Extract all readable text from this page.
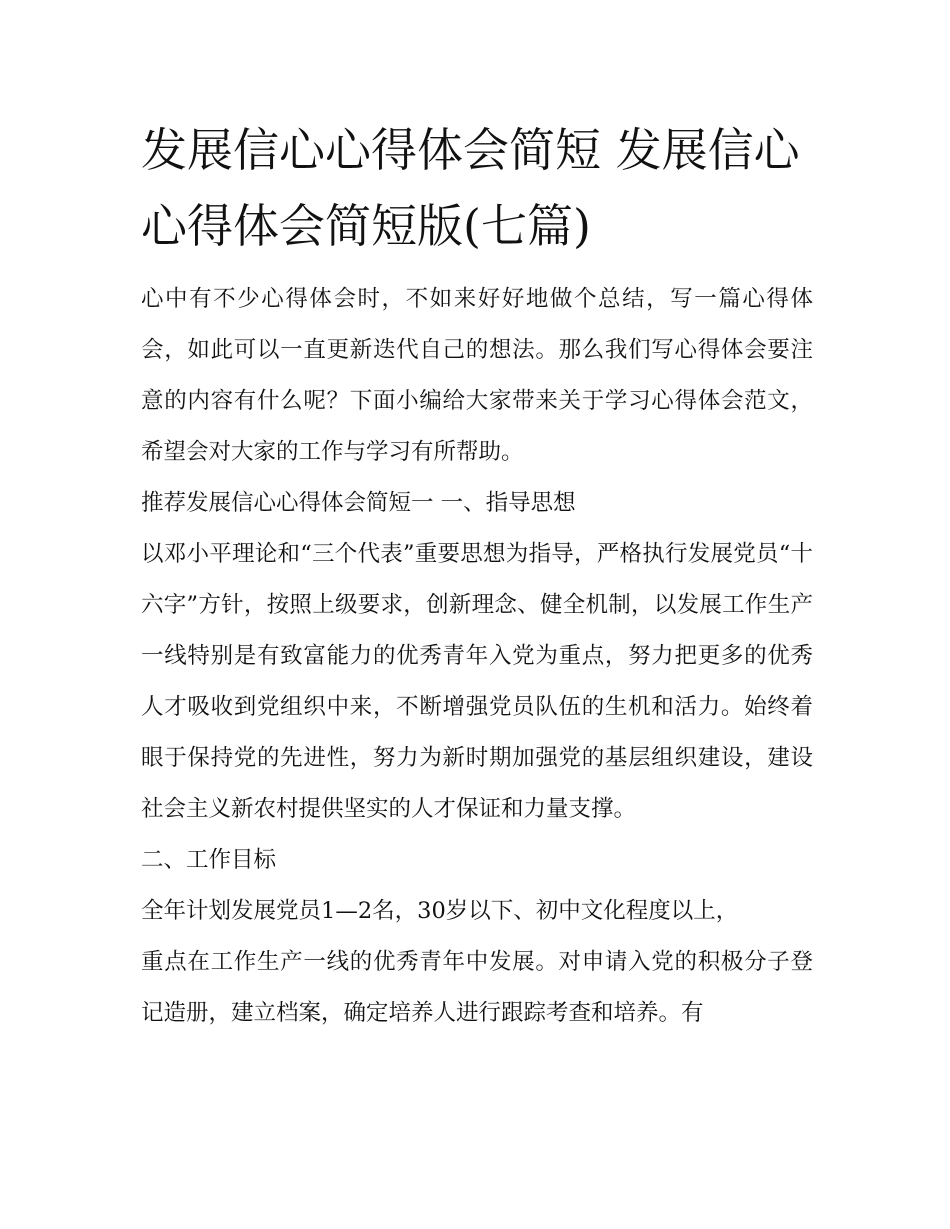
发展信心心得体会简短 发展信心心得体会简短版(七篇)

心中有不少心得体会时，不如来好好地做个总结，写一篇心得体会，如此可以一直更新迭代自己的想法。那么我们写心得体会要注意的内容有什么呢？下面小编给大家带来关于学习心得体会范文，希望会对大家的工作与学习有所帮助。

推荐发展信心心得体会简短一 一、指导思想

以邓小平理论和“三个代表”重要思想为指导，严格执行发展党员“十六字”方针，按照上级要求，创新理念、健全机制，以发展工作生产一线特别是有致富能力的优秀青年入党为重点，努力把更多的优秀人才吸收到党组织中来，不断增强党员队伍的生机和活力。始终着眼于保持党的先进性，努力为新时期加强党的基层组织建设，建设社会主义新农村提供坚实的人才保证和力量支撑。

二、工作目标

全年计划发展党员1—2名，30岁以下、初中文化程度以上，

重点在工作生产一线的优秀青年中发展。对申请入党的积极分子登记造册，建立档案，确定培养人进行跟踪考查和培养。有
